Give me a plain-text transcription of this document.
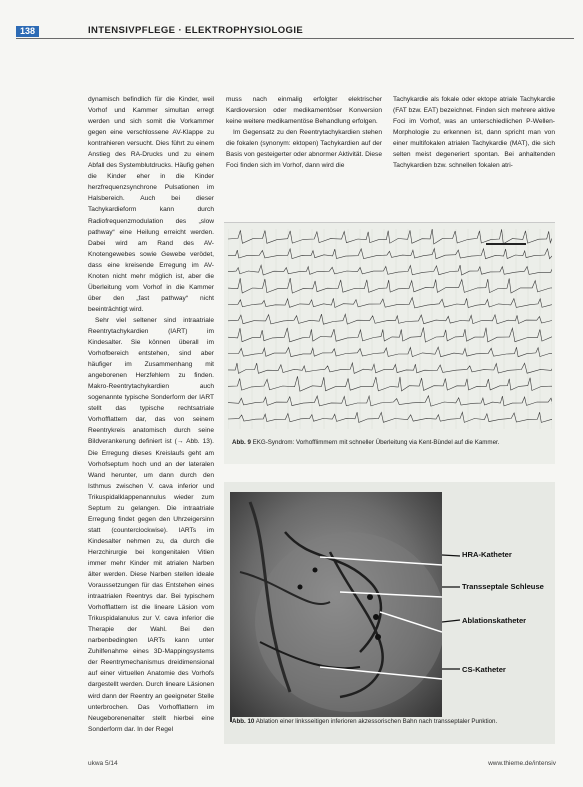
138	INTENSIVPFLEGE · ELEKTROPHYSIOLOGIE

dynamisch befindlich für die Kinder, weil Vorhof und Kammer simultan erregt werden und sich somit die Vorkammer gegen eine verschlossene AV-Klappe zu kontrahieren versucht. Dies führt zu einem Anstieg des RA-Drucks und zu einem Abfall des Systemblutdrucks. Häufig gehen die Kinder eher in die Kinder herzfrequenzsynchrone Pulsationen im Halsbereich. Auch bei dieser Tachykardieform kann durch Radiofrequenzmodulation des „slow pathway“ eine Heilung erreicht werden. Dabei wird am Rand des AV-Knotengewebes sowie Gewebe verödet, dass eine kreisende Erregung im AV-Knoten nicht mehr möglich ist, aber die Überleitung vom Vorhof in die Kammer über den „fast pathway“ nicht beeinträchtigt wird.

Sehr viel seltener sind intraatriale Reentrytachykardien (IART) im Kindesalter. Sie können überall im Vorhofbereich entstehen, sind aber häufiger im Zusammenhang mit angeborenen Herzfehlern zu finden. Makro-Reentrytachykardien auch sogenannte typische Sonderform der IART stellt das typische rechtsatriale Vorhofflattern dar, das von seinem Reentrykreis anatomisch durch seine Bildverankerung definiert ist (→ Abb. 13). Die Erregung dieses Kreislaufs geht am Vorhofseptum hoch und an der lateralen Wand herunter, um dann durch den Isthmus zwischen V. cava inferior und Trikuspidalklappenannulus wieder zum Septum zu gelangen. Die intraatriale Erregung findet gegen den Uhrzeigersinn statt (counterclockwise). IARTs im Kindesalter nehmen zu, da durch die Herzchirurgie bei kongenitalen Vitien immer mehr Kinder mit atrialen Narben älter werden. Diese Narben stellen ideale Voraussetzungen für das Entstehen eines intraatrialen Reentrys dar. Bei typischem Vorhofflattern ist die lineare Läsion vom Trikuspidalanulus zur V. cava inferior die Therapie der Wahl. Bei den narbenbedingten IARTs kann unter Zuhilfenahme eines 3D-Mappingsystems der Reentrymechanismus dreidimensional auf einer virtuellen Anatomie des Vorhofs dargestellt werden. Durch lineare Läsionen wird dann der Reentry an geeigneter Stelle unterbrochen. Das Vorhofflattern im Neugeborenenalter stellt hierbei eine Sonderform dar. In der Regel

muss nach einmalig erfolgter elektrischer Kardioversion oder medikamentöser Konversion keine weitere medikamentöse Behandlung erfolgen.

Im Gegensatz zu den Reentrytachykardien stehen die fokalen (synonym: ektopen) Tachykardien auf der Basis von gesteigerter oder abnormer Aktivität. Diese Foci finden sich im Vorhof, dann wird die

Tachykardie als fokale oder ektope atriale Tachykardie (FAT bzw. EAT) bezeichnet. Finden sich mehrere aktive Foci im Vorhof, was an unterschiedlichen P-Wellen-Morphologie zu erkennen ist, dann spricht man von einer multifokalen atrialen Tachykardie (MAT), die sich selten meist degeneriert spontan. Bei anhaltenden Tachykardien bzw. schnellen fokalen atri-

Abb. 9 EKG-Syndrom: Vorhofflimmern mit schneller Überleitung via Kent-Bündel auf die Kammer.
HRA-Katheter
Transseptale Schleuse
Ablationskatheter
CS-Katheter
Abb. 10 Ablation einer linksseitigen inferioren akzessorischen Bahn nach transseptaler Punktion.
ukwa 5/14	www.thieme.de/intensiv
